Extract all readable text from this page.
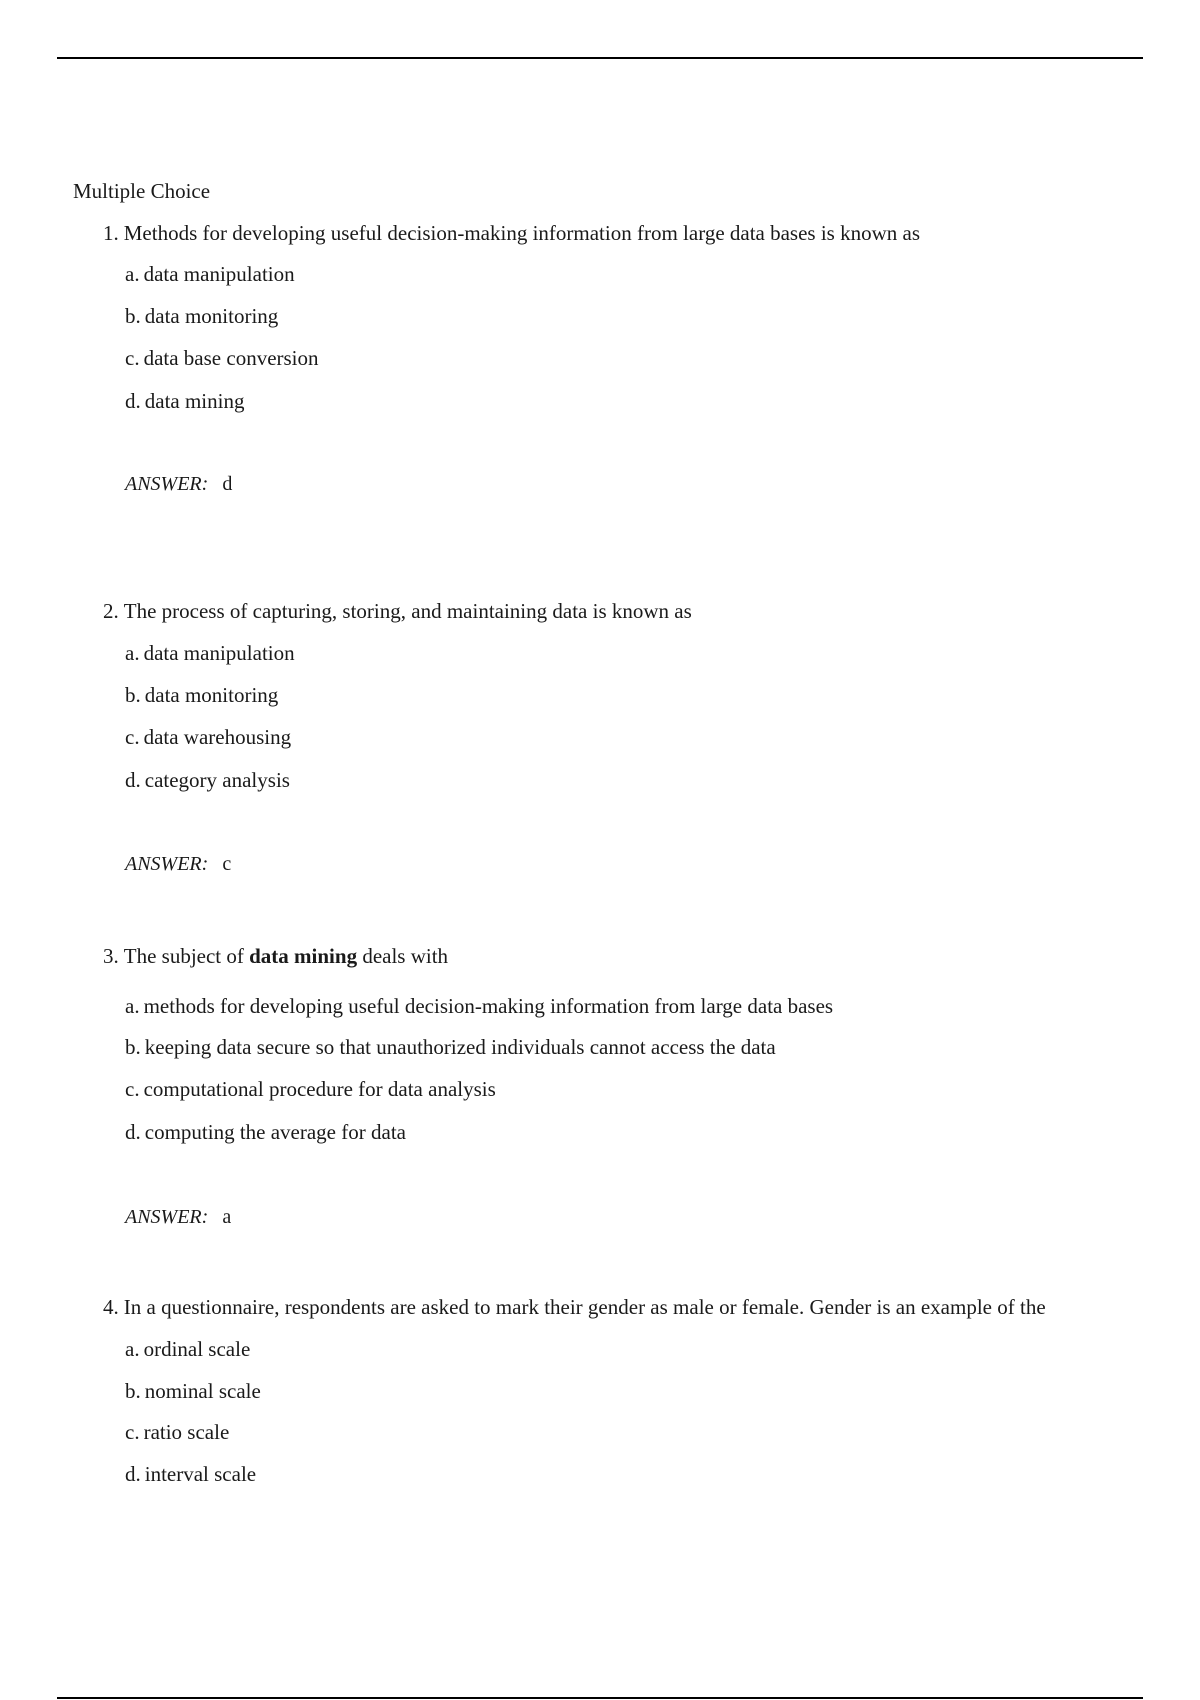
Multiple Choice
1. Methods for developing useful decision-making information from large data bases is known as
a. data manipulation
b. data monitoring
c. data base conversion
d. data mining
ANSWER: d
2. The process of capturing, storing, and maintaining data is known as
a. data manipulation
b. data monitoring
c. data warehousing
d. category analysis
ANSWER: c
3. The subject of data mining deals with
a. methods for developing useful decision-making information from large data bases
b. keeping data secure so that unauthorized individuals cannot access the data
c. computational procedure for data analysis
d. computing the average for data
ANSWER: a
4. In a questionnaire, respondents are asked to mark their gender as male or female. Gender is an example of the
a. ordinal scale
b. nominal scale
c. ratio scale
d. interval scale
